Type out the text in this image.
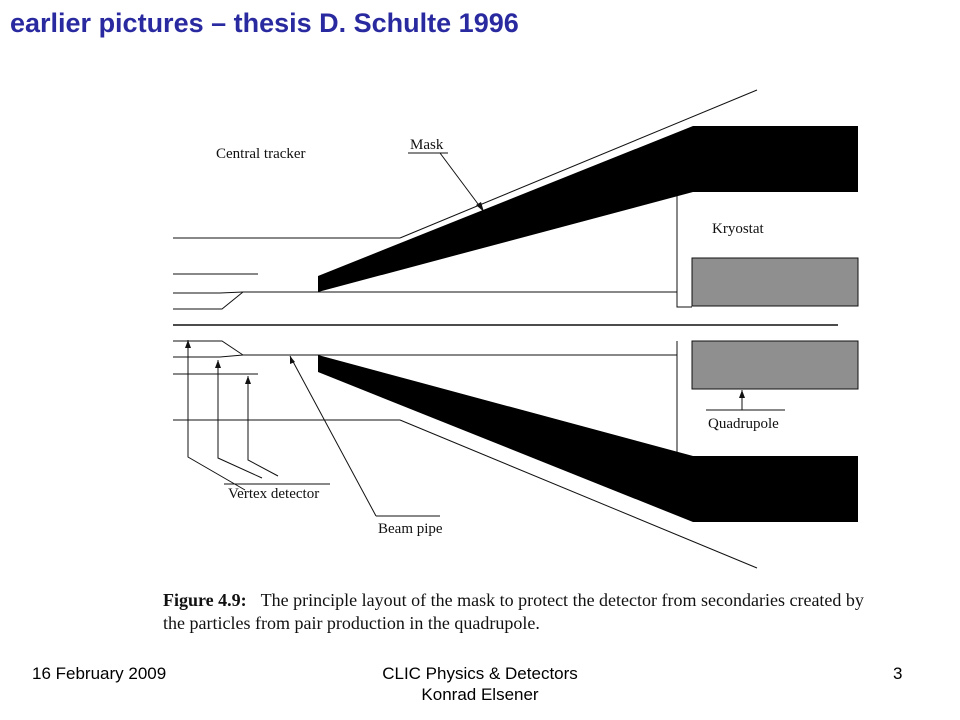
earlier pictures – thesis D. Schulte 1996
Central tracker
Mask
Kryostat
Quadrupole
Vertex detector
Beam pipe
Figure 4.9: The principle layout of the mask to protect the detector from secondaries created by the particles from pair production in the quadrupole.
16 February 2009	CLIC Physics & Detectors
Konrad Elsener
3
